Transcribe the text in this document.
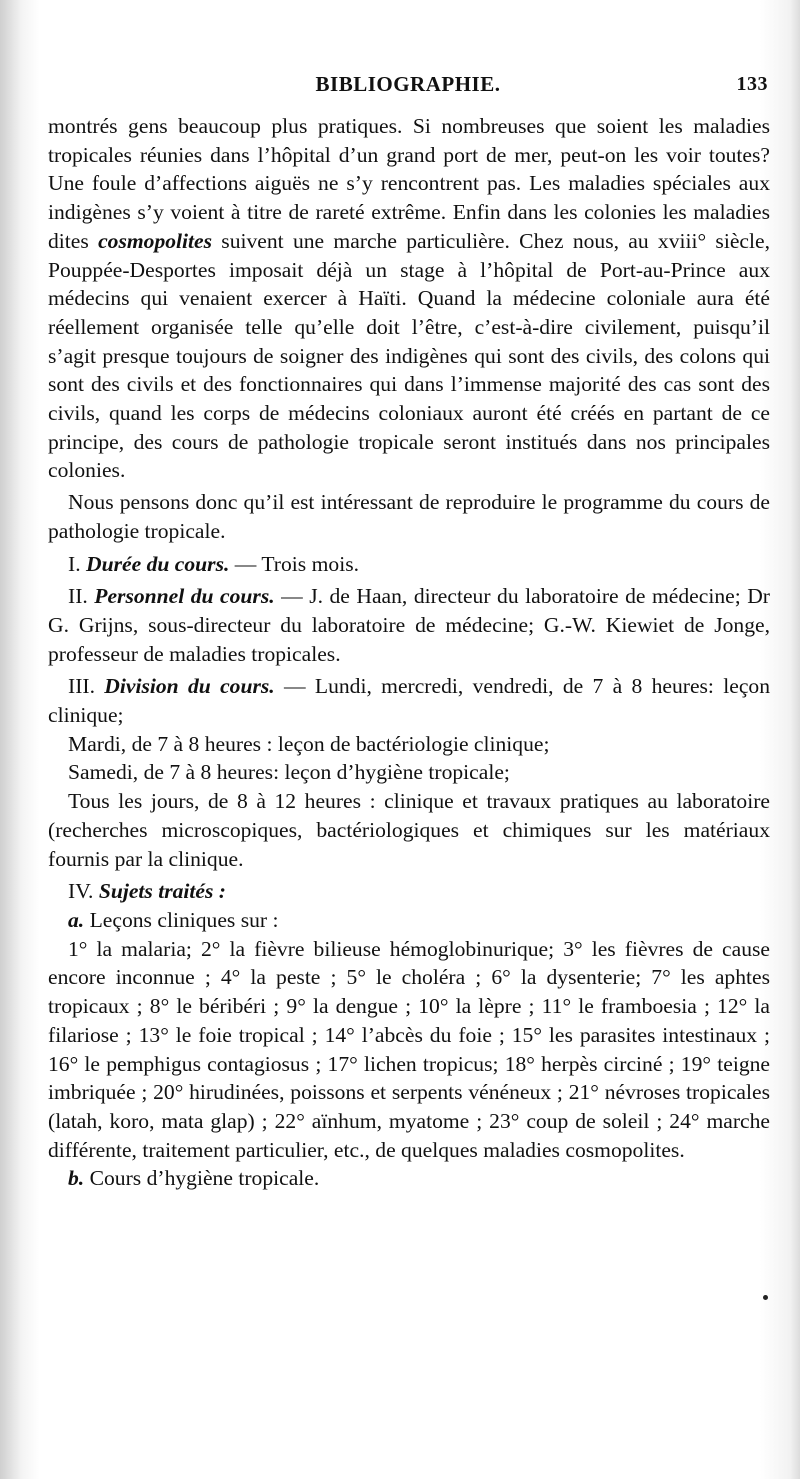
BIBLIOGRAPHIE.	133

montrés gens beaucoup plus pratiques. Si nombreuses que soient les maladies tropicales réunies dans l’hôpital d’un grand port de mer, peut-on les voir toutes? Une foule d’affections aiguës ne s’y rencontrent pas. Les maladies spéciales aux indigènes s’y voient à titre de rareté extrême. Enfin dans les colonies les maladies dites cosmopolites suivent une marche particulière. Chez nous, au xviii° siècle, Pouppée-Desportes imposait déjà un stage à l’hôpital de Port-au-Prince aux médecins qui venaient exercer à Haïti. Quand la médecine coloniale aura été réellement organisée telle qu’elle doit l’être, c’est-à-dire civilement, puisqu’il s’agit presque toujours de soigner des indigènes qui sont des civils, des colons qui sont des civils et des fonctionnaires qui dans l’immense majorité des cas sont des civils, quand les corps de médecins coloniaux auront été créés en partant de ce principe, des cours de pathologie tropicale seront institués dans nos principales colonies.

Nous pensons donc qu’il est intéressant de reproduire le programme du cours de pathologie tropicale.

I. Durée du cours. — Trois mois.

II. Personnel du cours. — J. de Haan, directeur du laboratoire de médecine; Dr G. Grijns, sous-directeur du laboratoire de médecine; G.-W. Kiewiet de Jonge, professeur de maladies tropicales.

III. Division du cours. — Lundi, mercredi, vendredi, de 7 à 8 heures: leçon clinique;

Mardi, de 7 à 8 heures : leçon de bactériologie clinique;

Samedi, de 7 à 8 heures: leçon d’hygiène tropicale;

Tous les jours, de 8 à 12 heures : clinique et travaux pratiques au laboratoire (recherches microscopiques, bactériologiques et chimiques sur les matériaux fournis par la clinique.

IV. Sujets traités :

a. Leçons cliniques sur :

1° la malaria; 2° la fièvre bilieuse hémoglobinurique; 3° les fièvres de cause encore inconnue ; 4° la peste ; 5° le choléra ; 6° la dysenterie; 7° les aphtes tropicaux ; 8° le béribéri ; 9° la dengue ; 10° la lèpre ; 11° le framboesia ; 12° la filariose ; 13° le foie tropical ; 14° l’abcès du foie ; 15° les parasites intestinaux ; 16° le pemphigus contagiosus ; 17° lichen tropicus; 18° herpès circiné ; 19° teigne imbriquée ; 20° hirudinées, poissons et serpents vénéneux ; 21° névroses tropicales (latah, koro, mata glap) ; 22° aïnhum, myatome ; 23° coup de soleil ; 24° marche différente, traitement particulier, etc., de quelques maladies cosmopolites.

b. Cours d’hygiène tropicale.
